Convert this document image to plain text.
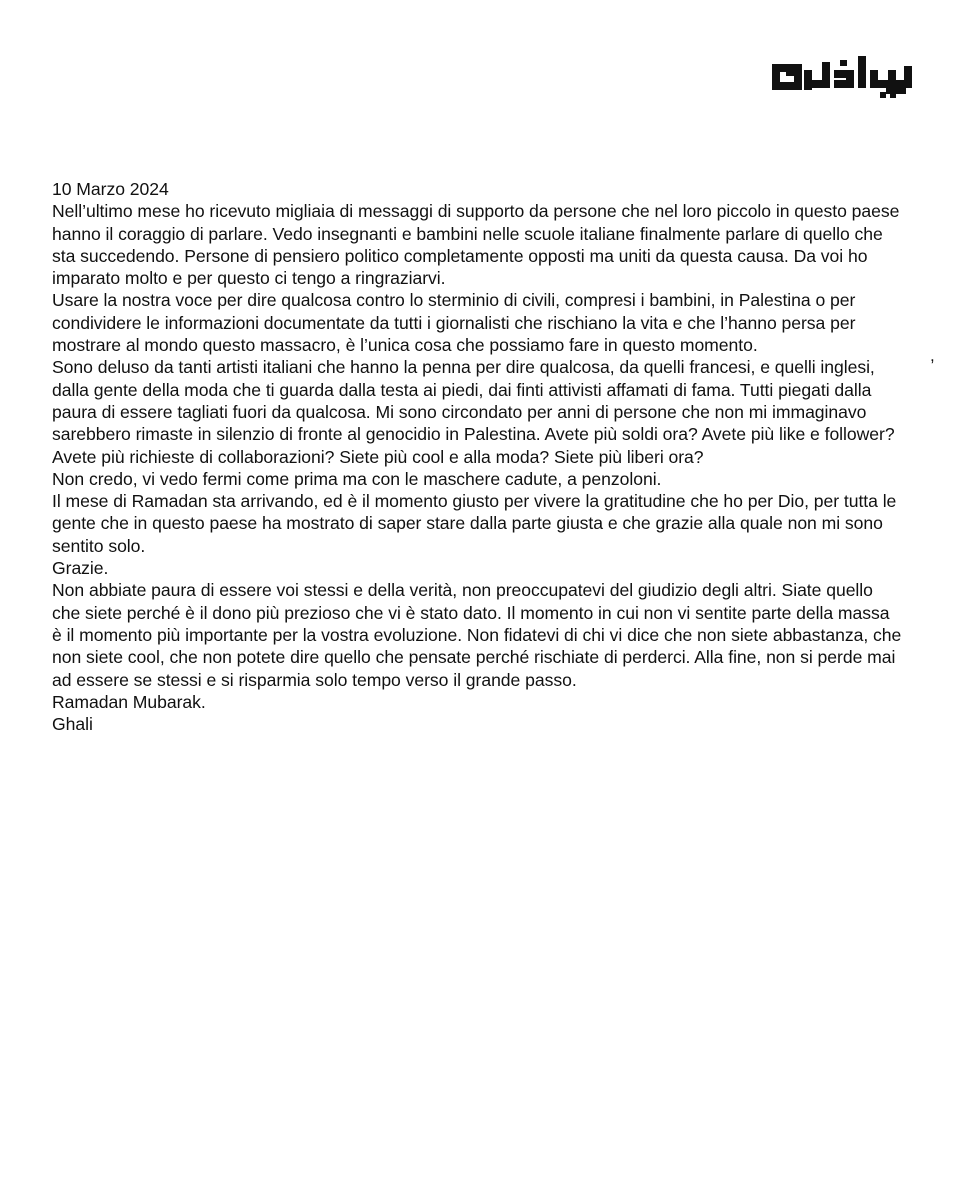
,

10 Marzo 2024

Nell’ultimo mese ho ricevuto migliaia di messaggi di supporto da persone che nel loro piccolo in questo paese hanno il coraggio di parlare. Vedo insegnanti e bambini nelle scuole italiane finalmente parlare di quello che sta succedendo. Persone di pensiero politico completamente opposti ma uniti da questa causa. Da voi ho imparato molto e per questo ci tengo a ringraziarvi.

Usare la nostra voce per dire qualcosa contro lo sterminio di civili, compresi i bambini, in Palestina o per condividere le informazioni documentate da tutti i giornalisti che rischiano la vita e che l’hanno persa per mostrare al mondo questo massacro, è l’unica cosa che possiamo fare in questo momento.

Sono deluso da tanti artisti italiani che hanno la penna per dire qualcosa, da quelli francesi, e quelli inglesi, dalla gente della moda che ti guarda dalla testa ai piedi, dai finti attivisti affamati di fama. Tutti piegati dalla paura di essere tagliati fuori da qualcosa. Mi sono circondato per anni di persone che non mi immaginavo sarebbero rimaste in silenzio di fronte al genocidio in Palestina. Avete più soldi ora? Avete più like e follower? Avete più richieste di collaborazioni? Siete più cool e alla moda? Siete più liberi ora?

Non credo, vi vedo fermi come prima ma con le maschere cadute, a penzoloni.

Il mese di Ramadan sta arrivando, ed è il momento giusto per vivere la gratitudine che ho per Dio, per tutta le gente che in questo paese ha mostrato di saper stare dalla parte giusta e che grazie alla quale non mi sono sentito solo.

Grazie.

Non abbiate paura di essere voi stessi e della verità, non preoccupatevi del giudizio degli altri. Siate quello che siete perché è il dono più prezioso che vi è stato dato. Il momento in cui non vi sentite parte della massa è il momento più importante per la vostra evoluzione. Non fidatevi di chi vi dice che non siete abbastanza, che non siete cool, che non potete dire quello che pensate perché rischiate di perderci. Alla fine, non si perde mai ad essere se stessi e si risparmia solo tempo verso il grande passo.

Ramadan Mubarak.

Ghali
